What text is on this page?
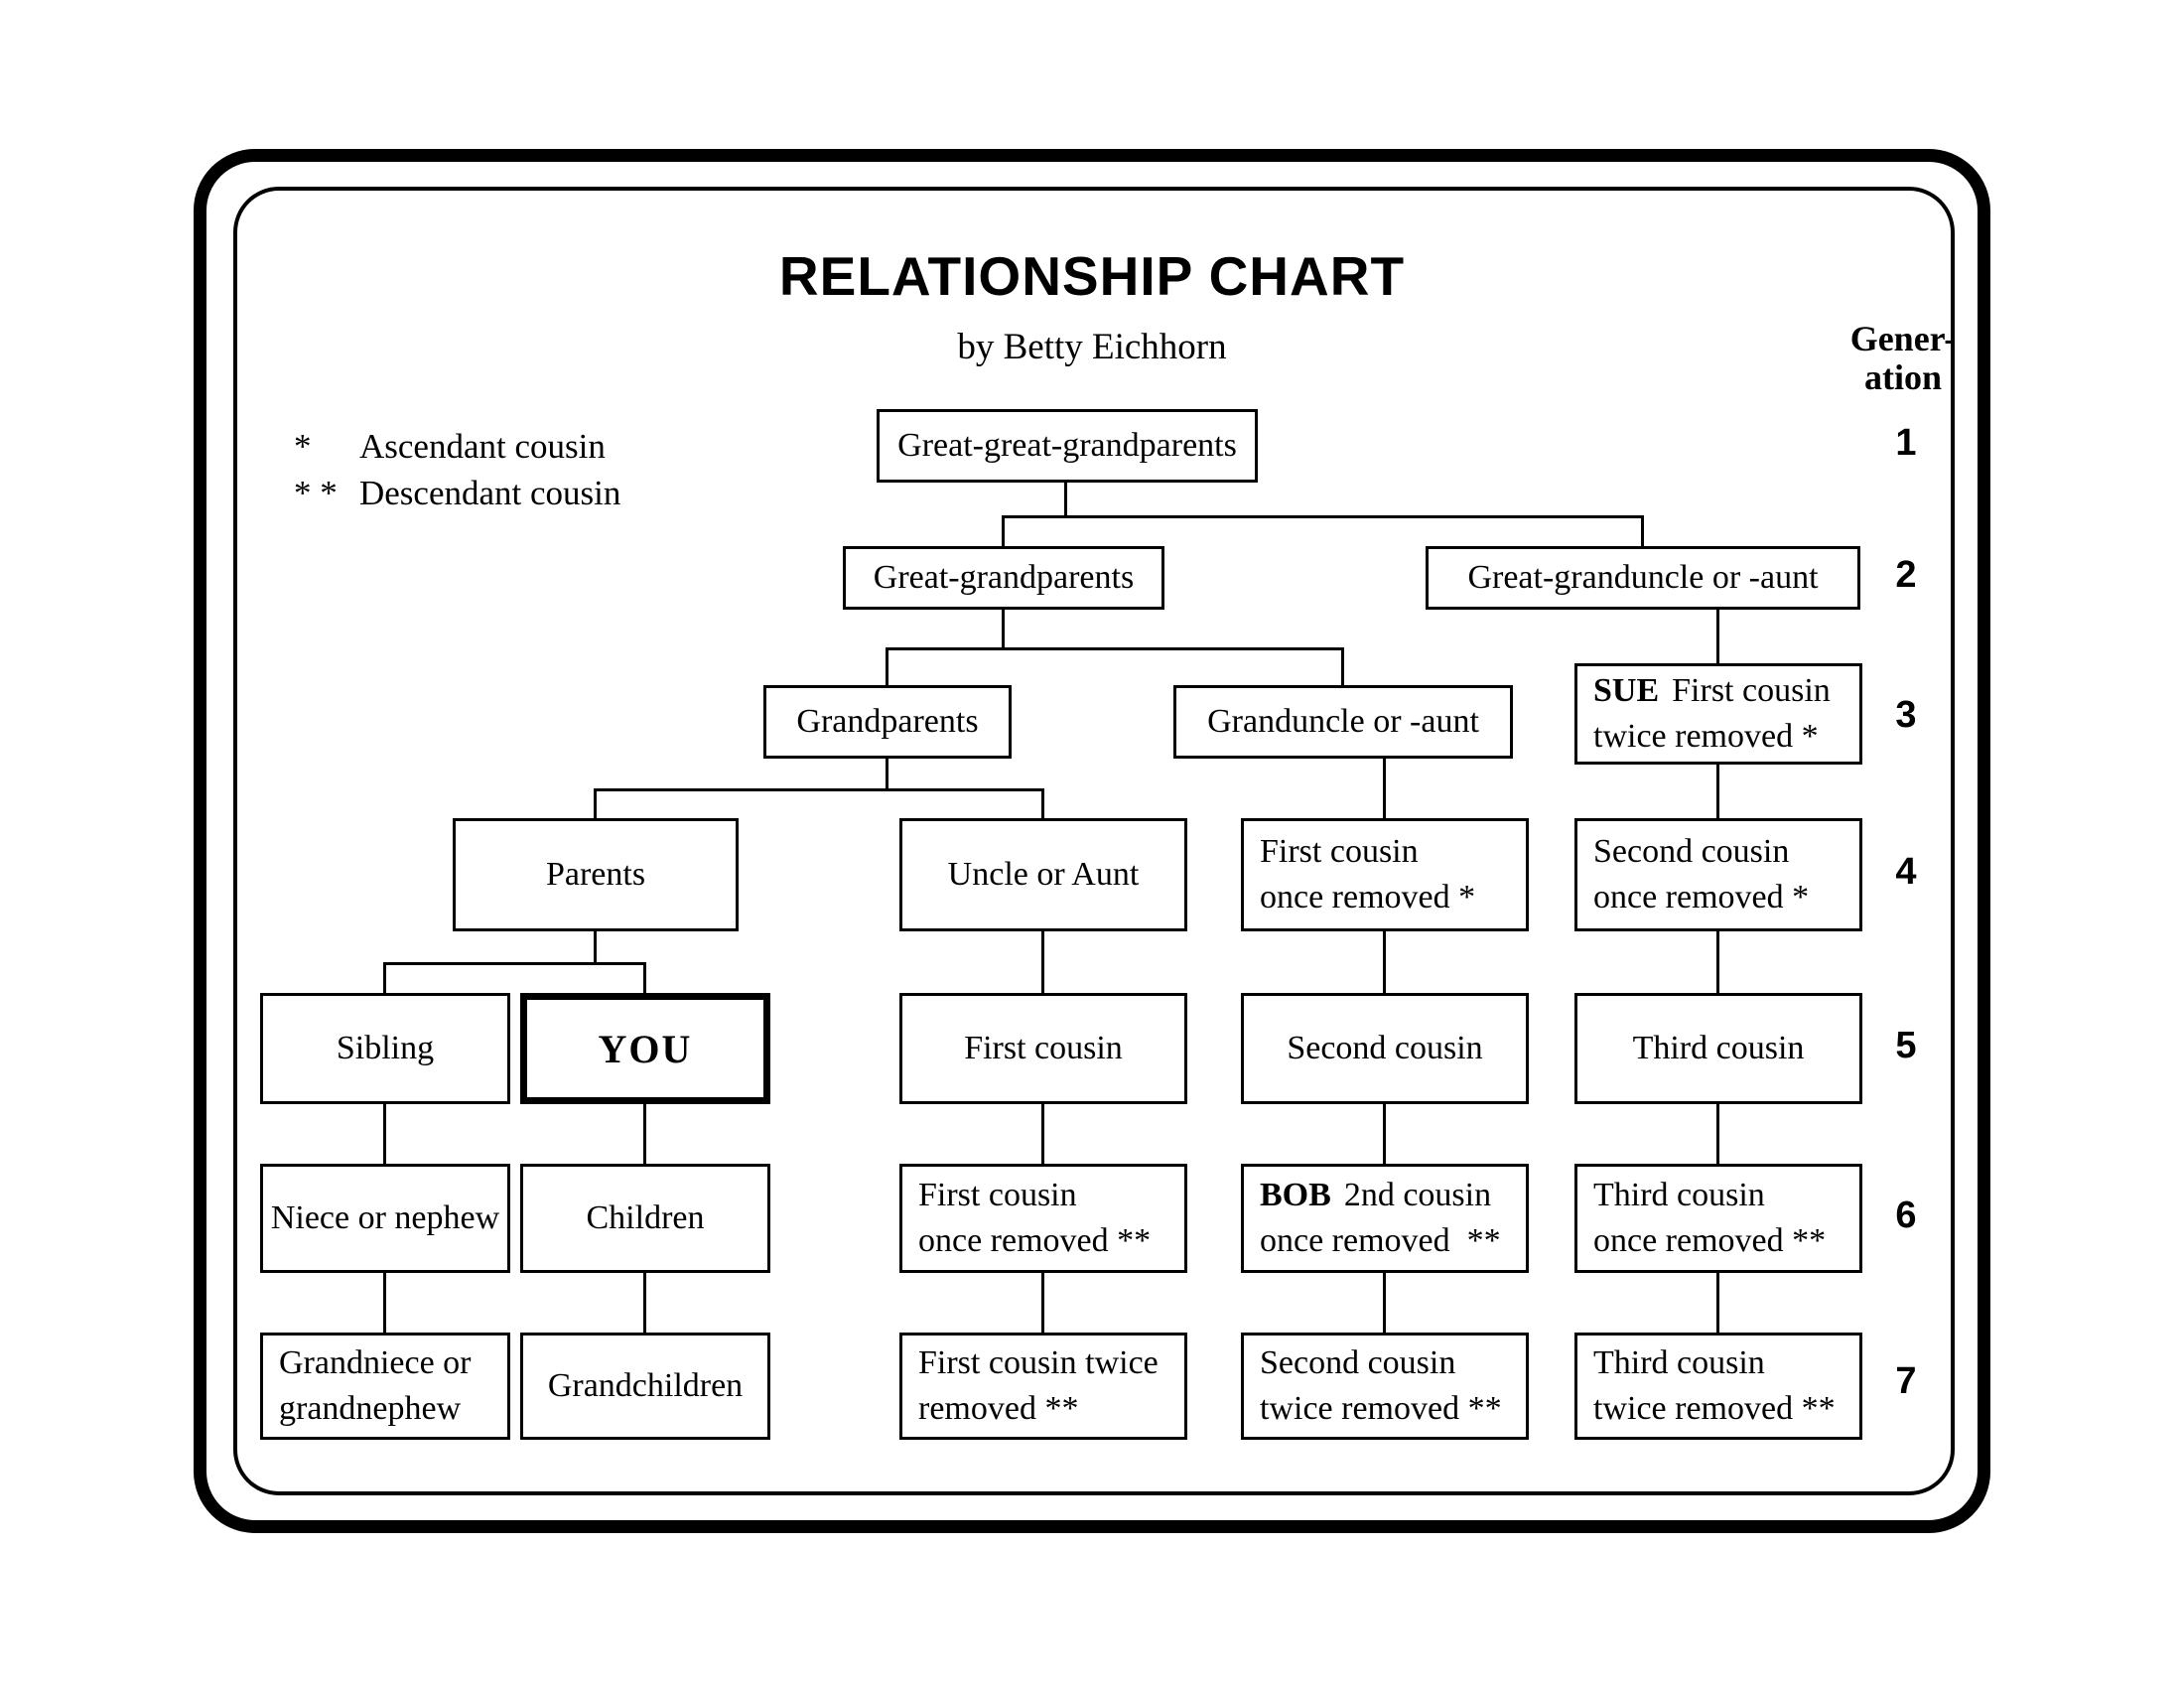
RELATIONSHIP CHART
by Betty Eichhorn
*	Ascendant cousin
* * Descendant cousin
Gener-
ation
1
2
3
4
5
6
7
Great-great-grandparents
Great-grandparents	Great-granduncle or -aunt
Grandparents	Granduncle or -aunt
SUE First cousin
twice removed *
Parents	Uncle or Aunt
First cousin
once removed *
Second cousin
once removed *
Sibling	YOU	First cousin	Second cousin	Third cousin
Niece or nephew	Children
First cousin
once removed **
BOB 2nd cousin
once removed  **
Third cousin
once removed **
Grandniece or
grandnephew
Grandchildren
First cousin twice
removed **
Second cousin
twice removed **
Third cousin
twice removed **
